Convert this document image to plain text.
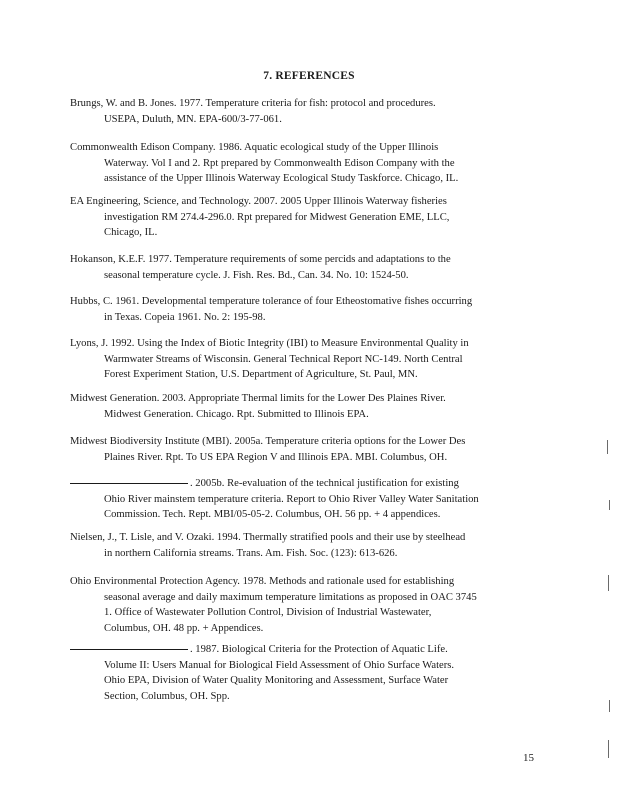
7. REFERENCES
Brungs, W. and B. Jones. 1977. Temperature criteria for fish: protocol and procedures.
USEPA, Duluth, MN. EPA-600/3-77-061.
Commonwealth Edison Company. 1986. Aquatic ecological study of the Upper Illinois
Waterway. Vol I and 2. Rpt prepared by Commonwealth Edison Company with the
assistance of the Upper Illinois Waterway Ecological Study Taskforce. Chicago, IL.
EA Engineering, Science, and Technology. 2007. 2005 Upper Illinois Waterway fisheries
investigation RM 274.4-296.0. Rpt prepared for Midwest Generation EME, LLC,
Chicago, IL.
Hokanson, K.E.F. 1977. Temperature requirements of some percids and adaptations to the
seasonal temperature cycle. J. Fish. Res. Bd., Can. 34. No. 10: 1524-50.
Hubbs, C. 1961. Developmental temperature tolerance of four Etheostomative fishes occurring
in Texas. Copeia 1961. No. 2: 195-98.
Lyons, J. 1992. Using the Index of Biotic Integrity (IBI) to Measure Environmental Quality in
Warmwater Streams of Wisconsin. General Technical Report NC-149. North Central
Forest Experiment Station, U.S. Department of Agriculture, St. Paul, MN.
Midwest Generation. 2003. Appropriate Thermal limits for the Lower Des Plaines River.
Midwest Generation. Chicago. Rpt. Submitted to Illinois EPA.
Midwest Biodiversity Institute (MBI). 2005a. Temperature criteria options for the Lower Des
Plaines River. Rpt. To US EPA Region V and Illinois EPA. MBI. Columbus, OH.
. 2005b. Re-evaluation of the technical justification for existing
Ohio River mainstem temperature criteria. Report to Ohio River Valley Water Sanitation
Commission. Tech. Rept. MBI/05-05-2. Columbus, OH. 56 pp. + 4 appendices.
Nielsen, J., T. Lisle, and V. Ozaki. 1994. Thermally stratified pools and their use by steelhead
in northern California streams. Trans. Am. Fish. Soc. (123): 613-626.
Ohio Environmental Protection Agency. 1978. Methods and rationale used for establishing
seasonal average and daily maximum temperature limitations as proposed in OAC 3745
1. Office of Wastewater Pollution Control, Division of Industrial Wastewater,
Columbus, OH. 48 pp. + Appendices.
. 1987. Biological Criteria for the Protection of Aquatic Life.
Volume II: Users Manual for Biological Field Assessment of Ohio Surface Waters.
Ohio EPA, Division of Water Quality Monitoring and Assessment, Surface Water
Section, Columbus, OH. Spp.
15
